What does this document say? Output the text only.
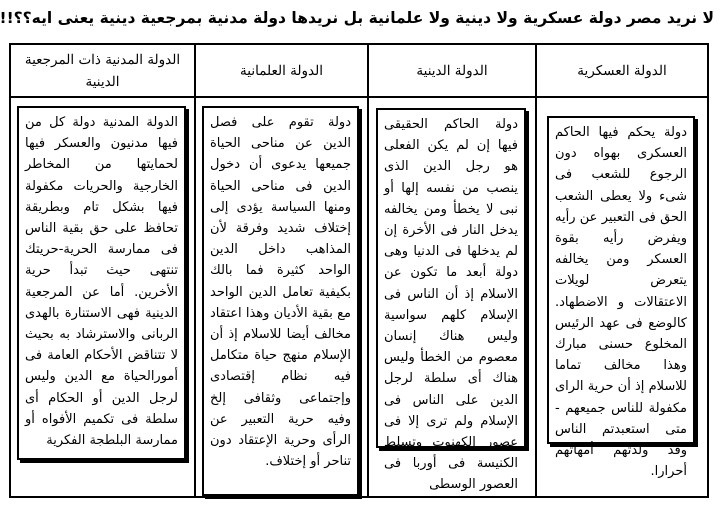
لا نريد مصر دولة عسكرية ولا دينية ولا علمانية بل نريدها دولة مدنية بمرجعية دينية يعنى ايه؟؟!!
الدولة العسكرية
دولة يحكم فيها الحاكم العسكرى بهواه دون الرجوع للشعب فى شىء ولا يعطى الشعب الحق فى التعبير عن رأيه ويفرض رأيه بقوة العسكر ومن يخالفه يتعرض لويلات الاعتقالات و الاضطهاد. كالوضع فى عهد الرئيس المخلوع حسنى مبارك وهذا مخالف تماما للاسلام إذ أن حرية الراى مكفولة للناس جميعهم - متى استعبدتم الناس وقد ولدتهم أمهاتهم أحرارا.
الدولة الدينية
دولة الحاكم الحقيقى فيها إن لم يكن الفعلى هو رجل الدين الذى ينصب من نفسه إلها أو نبى لا يخطأ ومن يخالفه يدخل النار فى الأخرة إن لم يدخلها فى الدنيا وهى دولة أبعد ما تكون عن الاسلام إذ أن الناس فى الإسلام كلهم سواسية وليس هناك إنسان معصوم من الخطأ وليس هناك أى سلطة لرجل الدين على الناس فى الإسلام ولم ترى إلا فى عصور الكهنوت وتسلط الكنيسة فى أوربا فى العصور الوسطى
الدولة العلمانية
دولة تقوم على فصل الدين عن مناحى الحياة جميعها يدعوى أن دخول الدين فى مناحى الحياة ومنها السياسة يؤدى إلى إختلاف شديد وفرقة لأن المذاهب داخل الدين الواحد كثيرة فما بالك بكيفية تعامل الدين الواحد مع بقية الأديان وهذا اعتقاد مخالف أيضا للاسلام إذ أن الإسلام منهج حياة متكامل فيه نظام إقتصادى وإجتماعى وثقافى إلخ وفيه حرية التعبير عن الرأى وحرية الإعتقاد دون تناحر أو إختلاف.
الدولة المدنية ذات المرجعية الدينية
الدولة المدنية دولة كل من فيها مدنيون والعسكر فيها لحمايتها من المخاطر الخارجية والحريات مكفولة فيها بشكل تام وبطريقة تحافظ على حق بقية الناس فى ممارسة الحرية-حريتك تنتهى حيث تبدأ حرية الأخرين. أما عن المرجعية الدينية فهى الاستنارة بالهدى الربانى والاسترشاد به بحيث لا تتناقض الأحكام العامة فى أمورالحياة مع الدين وليس لرجل الدين أو الحكام أى سلطة فى تكميم الأفواه أو ممارسة البلطجة الفكرية
